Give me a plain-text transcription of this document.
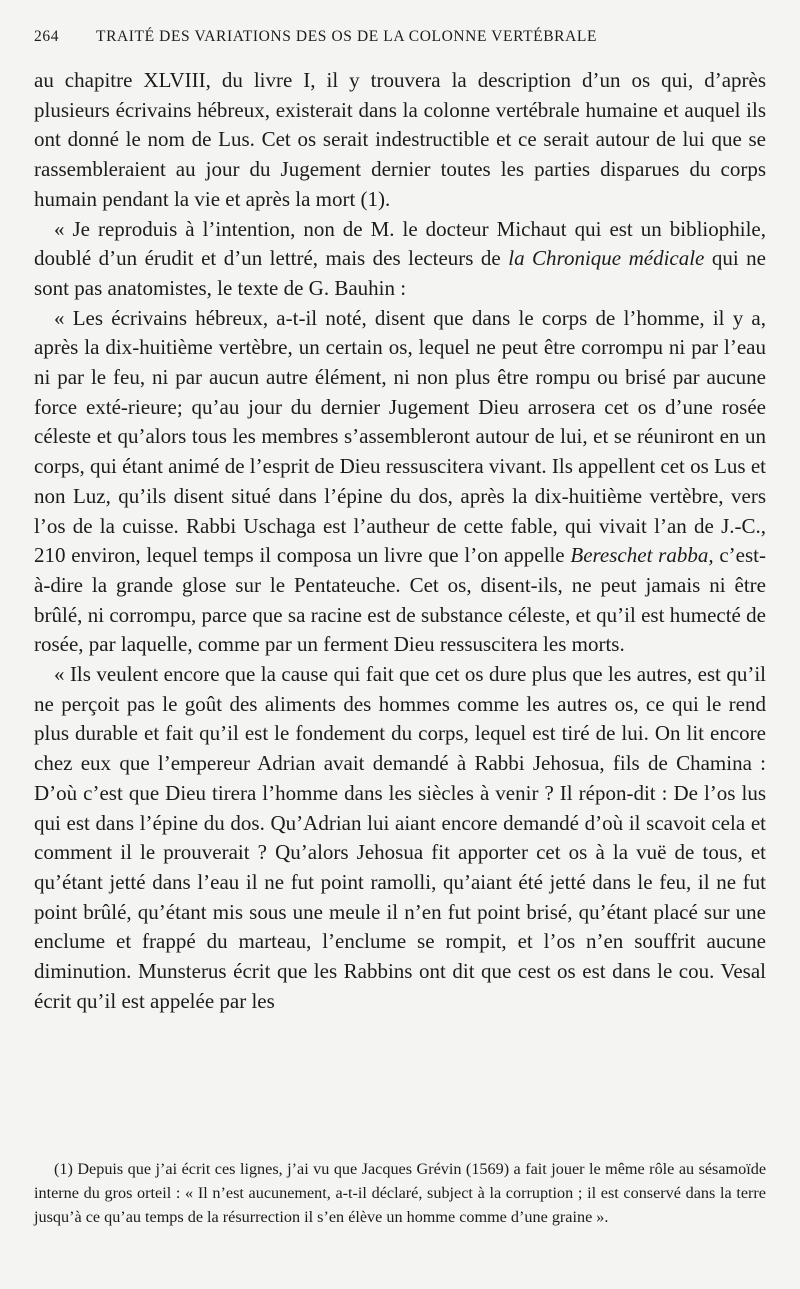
264	TRAITÉ DES VARIATIONS DES OS DE LA COLONNE VERTÉBRALE

au chapitre XLVIII, du livre I, il y trouvera la description d’un os qui, d’après plusieurs écrivains hébreux, existerait dans la colonne vertébrale humaine et auquel ils ont donné le nom de Lus. Cet os serait indestructible et ce serait autour de lui que se rassembleraient au jour du Jugement dernier toutes les parties disparues du corps humain pendant la vie et après la mort (1).

« Je reproduis à l’intention, non de M. le docteur Michaut qui est un bibliophile, doublé d’un érudit et d’un lettré, mais des lecteurs de la Chronique médicale qui ne sont pas anatomistes, le texte de G. Bauhin :

« Les écrivains hébreux, a-t-il noté, disent que dans le corps de l’homme, il y a, après la dix-huitième vertèbre, un certain os, lequel ne peut être corrompu ni par l’eau ni par le feu, ni par aucun autre élément, ni non plus être rompu ou brisé par aucune force exté-rieure; qu’au jour du dernier Jugement Dieu arrosera cet os d’une rosée céleste et qu’alors tous les membres s’assembleront autour de lui, et se réuniront en un corps, qui étant animé de l’esprit de Dieu ressuscitera vivant. Ils appellent cet os Lus et non Luz, qu’ils disent situé dans l’épine du dos, après la dix-huitième vertèbre, vers l’os de la cuisse. Rabbi Uschaga est l’autheur de cette fable, qui vivait l’an de J.-C., 210 environ, lequel temps il composa un livre que l’on appelle Bereschet rabba, c’est-à-dire la grande glose sur le Pentateuche. Cet os, disent-ils, ne peut jamais ni être brûlé, ni corrompu, parce que sa racine est de substance céleste, et qu’il est humecté de rosée, par laquelle, comme par un ferment Dieu ressuscitera les morts.

« Ils veulent encore que la cause qui fait que cet os dure plus que les autres, est qu’il ne perçoit pas le goût des aliments des hommes comme les autres os, ce qui le rend plus durable et fait qu’il est le fondement du corps, lequel est tiré de lui. On lit encore chez eux que l’empereur Adrian avait demandé à Rabbi Jehosua, fils de Chamina : D’où c’est que Dieu tirera l’homme dans les siècles à venir ? Il répon-dit : De l’os lus qui est dans l’épine du dos. Qu’Adrian lui aiant encore demandé d’où il scavoit cela et comment il le prouverait ? Qu’alors Jehosua fit apporter cet os à la vuë de tous, et qu’étant jetté dans l’eau il ne fut point ramolli, qu’aiant été jetté dans le feu, il ne fut point brûlé, qu’étant mis sous une meule il n’en fut point brisé, qu’étant placé sur une enclume et frappé du marteau, l’enclume se rompit, et l’os n’en souffrit aucune diminution. Munsterus écrit que les Rabbins ont dit que cest os est dans le cou. Vesal écrit qu’il est appelée par les

(1) Depuis que j’ai écrit ces lignes, j’ai vu que Jacques Grévin (1569) a fait jouer le même rôle au sésamoïde interne du gros orteil : « Il n’est aucunement, a-t-il déclaré, subject à la corruption ; il est conservé dans la terre jusqu’à ce qu’au temps de la résurrection il s’en élève un homme comme d’une graine ».
